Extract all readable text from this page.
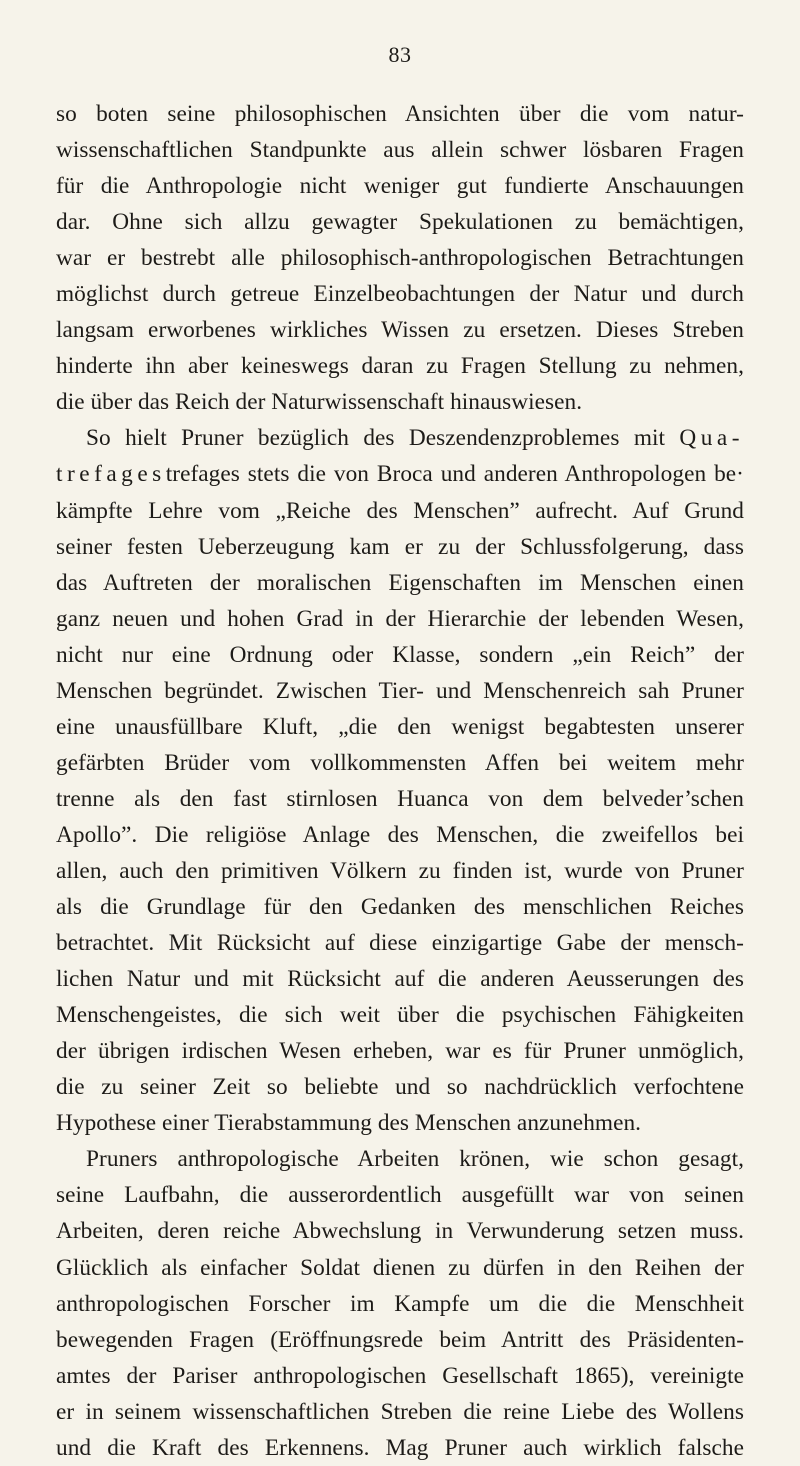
83
so boten seine philosophischen Ansichten über die vom natur-
wissenschaftlichen Standpunkte aus allein schwer lösbaren Fragen
für die Anthropologie nicht weniger gut fundierte Anschauungen
dar. Ohne sich allzu gewagter Spekulationen zu bemächtigen,
war er bestrebt alle philosophisch-anthropologischen Betrachtungen
möglichst durch getreue Einzelbeobachtungen der Natur und durch
langsam erworbenes wirkliches Wissen zu ersetzen. Dieses Streben
hinderte ihn aber keineswegs daran zu Fragen Stellung zu nehmen,
die über das Reich der Naturwissenschaft hinauswiesen.
So hielt Pruner bezüglich des Deszendenzproblemes mit Qua-
trefagestrefages stets die von Broca und anderen Anthropologen be·
kämpfte Lehre vom „Reiche des Menschen” aufrecht. Auf Grund
seiner festen Ueberzeugung kam er zu der Schlussfolgerung, dass
das Auftreten der moralischen Eigenschaften im Menschen einen
ganz neuen und hohen Grad in der Hierarchie der lebenden Wesen,
nicht nur eine Ordnung oder Klasse, sondern „ein Reich” der
Menschen begründet. Zwischen Tier- und Menschenreich sah Pruner
eine unausfüllbare Kluft, „die den wenigst begabtesten unserer
gefärbten Brüder vom vollkommensten Affen bei weitem mehr
trenne als den fast stirnlosen Huanca von dem belveder’schen
Apollo”. Die religiöse Anlage des Menschen, die zweifellos bei
allen, auch den primitiven Völkern zu finden ist, wurde von Pruner
als die Grundlage für den Gedanken des menschlichen Reiches
betrachtet. Mit Rücksicht auf diese einzigartige Gabe der mensch-
lichen Natur und mit Rücksicht auf die anderen Aeusserungen des
Menschengeistes, die sich weit über die psychischen Fähigkeiten
der übrigen irdischen Wesen erheben, war es für Pruner unmöglich,
die zu seiner Zeit so beliebte und so nachdrücklich verfochtene
Hypothese einer Tierabstammung des Menschen anzunehmen.
Pruners anthropologische Arbeiten krönen, wie schon gesagt,
seine Laufbahn, die ausserordentlich ausgefüllt war von seinen
Arbeiten, deren reiche Abwechslung in Verwunderung setzen muss.
Glücklich als einfacher Soldat dienen zu dürfen in den Reihen der
anthropologischen Forscher im Kampfe um die die Menschheit
bewegenden Fragen (Eröffnungsrede beim Antritt des Präsidenten-
amtes der Pariser anthropologischen Gesellschaft 1865), vereinigte
er in seinem wissenschaftlichen Streben die reine Liebe des Wollens
und die Kraft des Erkennens. Mag Pruner auch wirklich falsche
